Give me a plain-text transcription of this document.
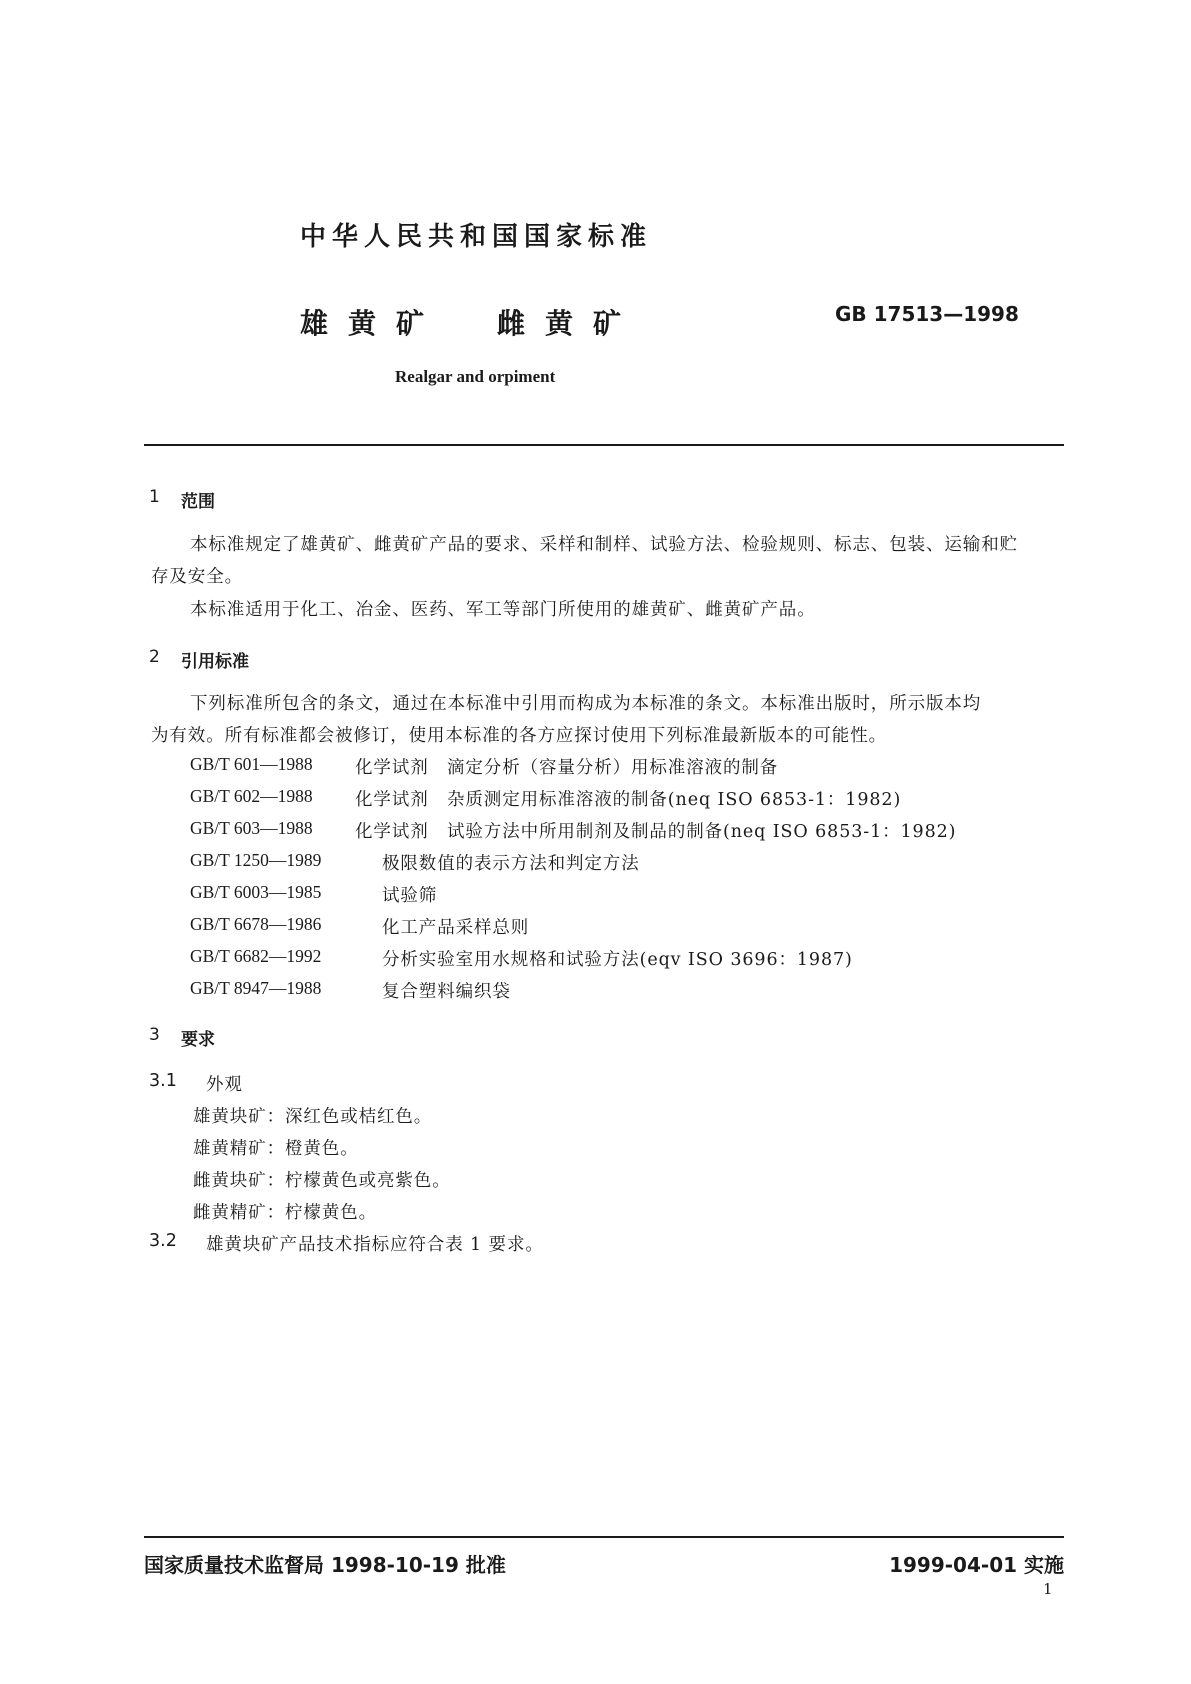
中华人民共和国国家标准
雄黄矿 雌黄矿	GB 17513—1998
Realgar and orpiment
1 范围
本标准规定了雄黄矿、雌黄矿产品的要求、采样和制样、试验方法、检验规则、标志、包装、运输和贮
存及安全。
本标准适用于化工、冶金、医药、军工等部门所使用的雄黄矿、雌黄矿产品。
2 引用标准
下列标准所包含的条文，通过在本标准中引用而构成为本标准的条文。本标准出版时，所示版本均
为有效。所有标准都会被修订，使用本标准的各方应探讨使用下列标准最新版本的可能性。
GB/T 601—1988 化学试剂　滴定分析（容量分析）用标准溶液的制备
GB/T 602—1988 化学试剂　杂质测定用标准溶液的制备(neq ISO 6853-1：1982)
GB/T 603—1988 化学试剂　试验方法中所用制剂及制品的制备(neq ISO 6853-1：1982)
GB/T 1250—1989	极限数值的表示方法和判定方法
GB/T 6003—1985	试验筛
GB/T 6678—1986	化工产品采样总则
GB/T 6682—1992	分析实验室用水规格和试验方法(eqv ISO 3696：1987)
GB/T 8947—1988	复合塑料编织袋
3 要求
3.1 外观
雄黄块矿：深红色或桔红色。
雄黄精矿：橙黄色。
雌黄块矿：柠檬黄色或亮紫色。
雌黄精矿：柠檬黄色。
3.2 雄黄块矿产品技术指标应符合表 1 要求。
国家质量技术监督局 1998-10-19 批准	1999-04-01 实施
1
